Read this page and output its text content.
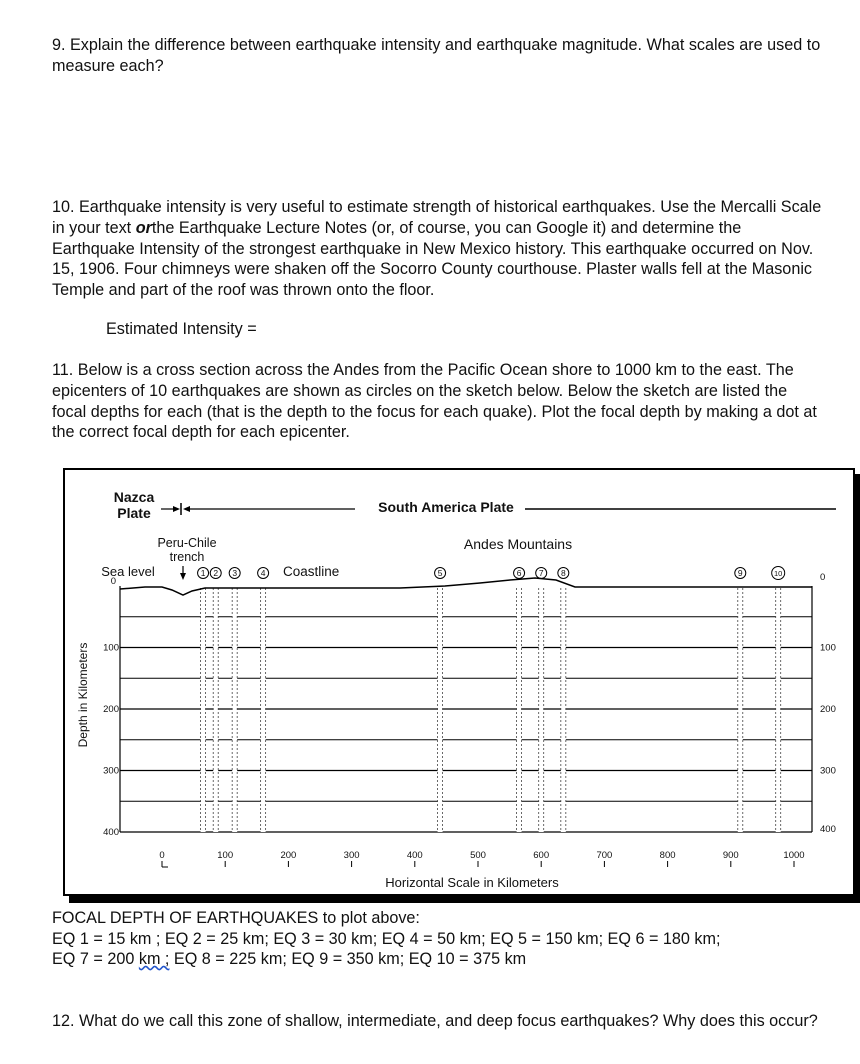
9. Explain the difference between earthquake intensity and earthquake magnitude. What scales are used to measure each?

10. Earthquake intensity is very useful to estimate strength of historical earthquakes. Use the Mercalli Scale in your text orthe Earthquake Lecture Notes (or, of course, you can Google it) and determine the Earthquake Intensity of the strongest earthquake in New Mexico history. This earthquake occurred on Nov. 15, 1906. Four chimneys were shaken off the Socorro County courthouse. Plaster walls fell at the Masonic Temple and part of the roof was thrown onto the floor.

Estimated Intensity =

11. Below is a cross section across the Andes from the Pacific Ocean shore to 1000 km to the east. The epicenters of 10 earthquakes are shown as circles on the sketch below. Below the sketch are listed the focal depths for each (that is the depth to the focus for each quake). Plot the focal depth by making a dot at the correct focal depth for each epicenter.

Nazca
Plate	South America Plate
Peru-Chile
trench
Sea level	Coastline
Andes Mountains
1 2 3	4	5	6 7 8	9	10
0
100
200
300
400
0
100
200
300
400
0	100	200	300	400	500	600	700	800	900	1000
Depth in Kilometers
Horizontal Scale in Kilometers

FOCAL DEPTH OF EARTHQUAKES to plot above:
EQ 1 = 15 km ; EQ 2 = 25 km; EQ 3 = 30 km; EQ 4 = 50 km; EQ 5 = 150 km; EQ 6 = 180 km;
EQ 7 = 200 km ; EQ 8 = 225 km; EQ 9 = 350 km; EQ 10 = 375 km

12. What do we call this zone of shallow, intermediate, and deep focus earthquakes? Why does this occur?
